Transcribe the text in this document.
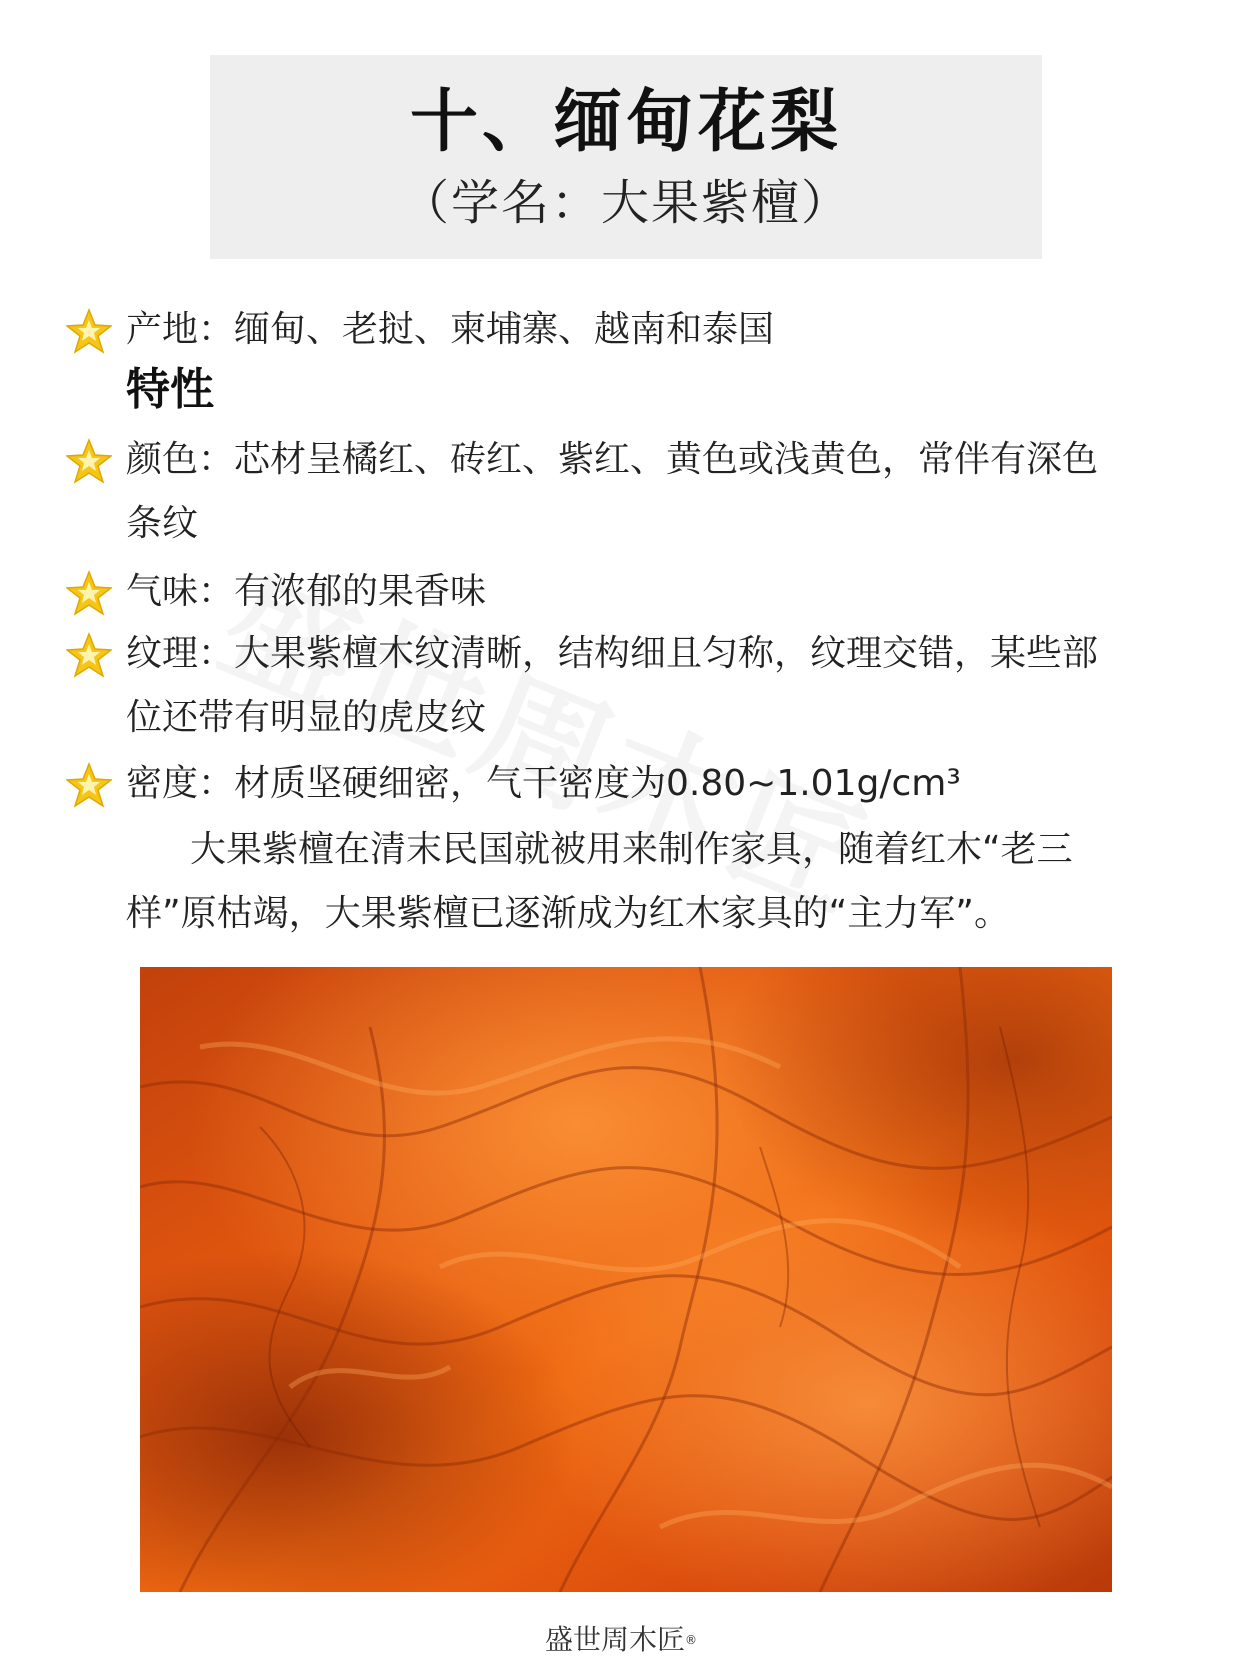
十、缅甸花梨
（学名：大果紫檀）
产地：缅甸、老挝、柬埔寨、越南和泰国
特性
颜色：芯材呈橘红、砖红、紫红、黄色或浅黄色，常伴有深色条纹
气味：有浓郁的果香味
纹理：大果紫檀木纹清晰，结构细且匀称，纹理交错，某些部位还带有明显的虎皮纹
密度：材质坚硬细密，气干密度为0.80~1.01g/cm³
大果紫檀在清末民国就被用来制作家具，随着红木“老三样”原枯竭，大果紫檀已逐渐成为红木家具的“主力军”。
盛世周木匠®
